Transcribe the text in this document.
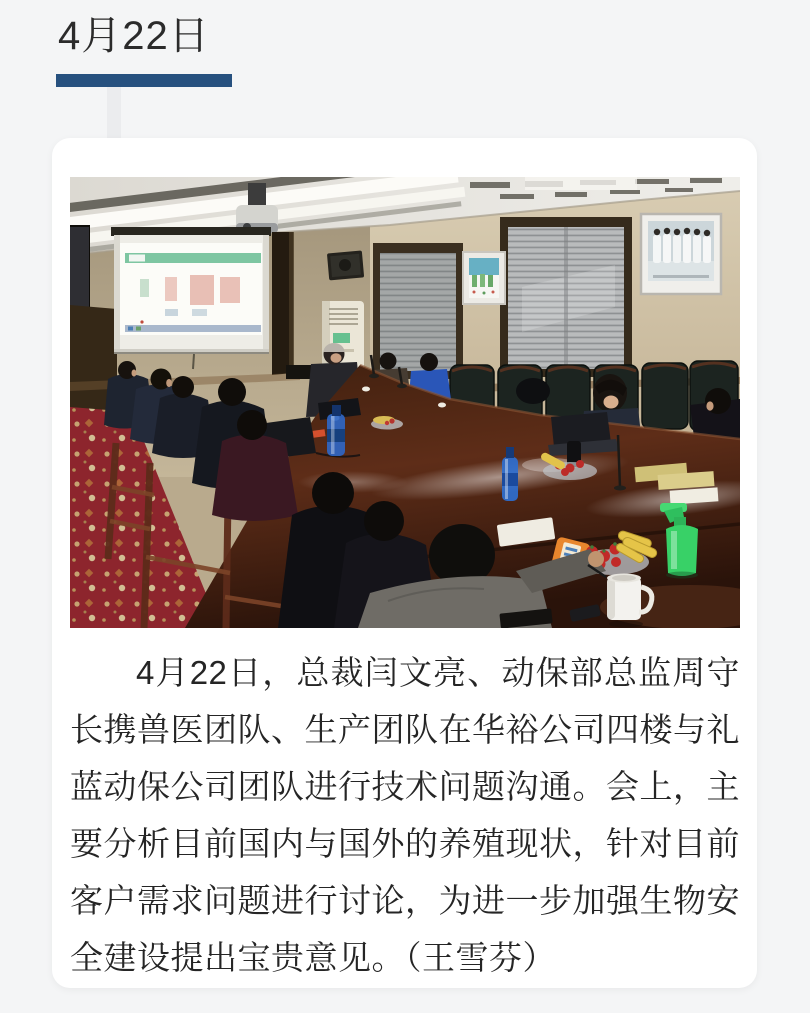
4月22日

4月22日，总裁闫文亮、动保部总监周守长携兽医团队、生产团队在华裕公司四楼与礼蓝动保公司团队进行技术问题沟通。会上，主要分析目前国内与国外的养殖现状，针对目前客户需求问题进行讨论，为进一步加强生物安全建设提出宝贵意见。（王雪芬）
